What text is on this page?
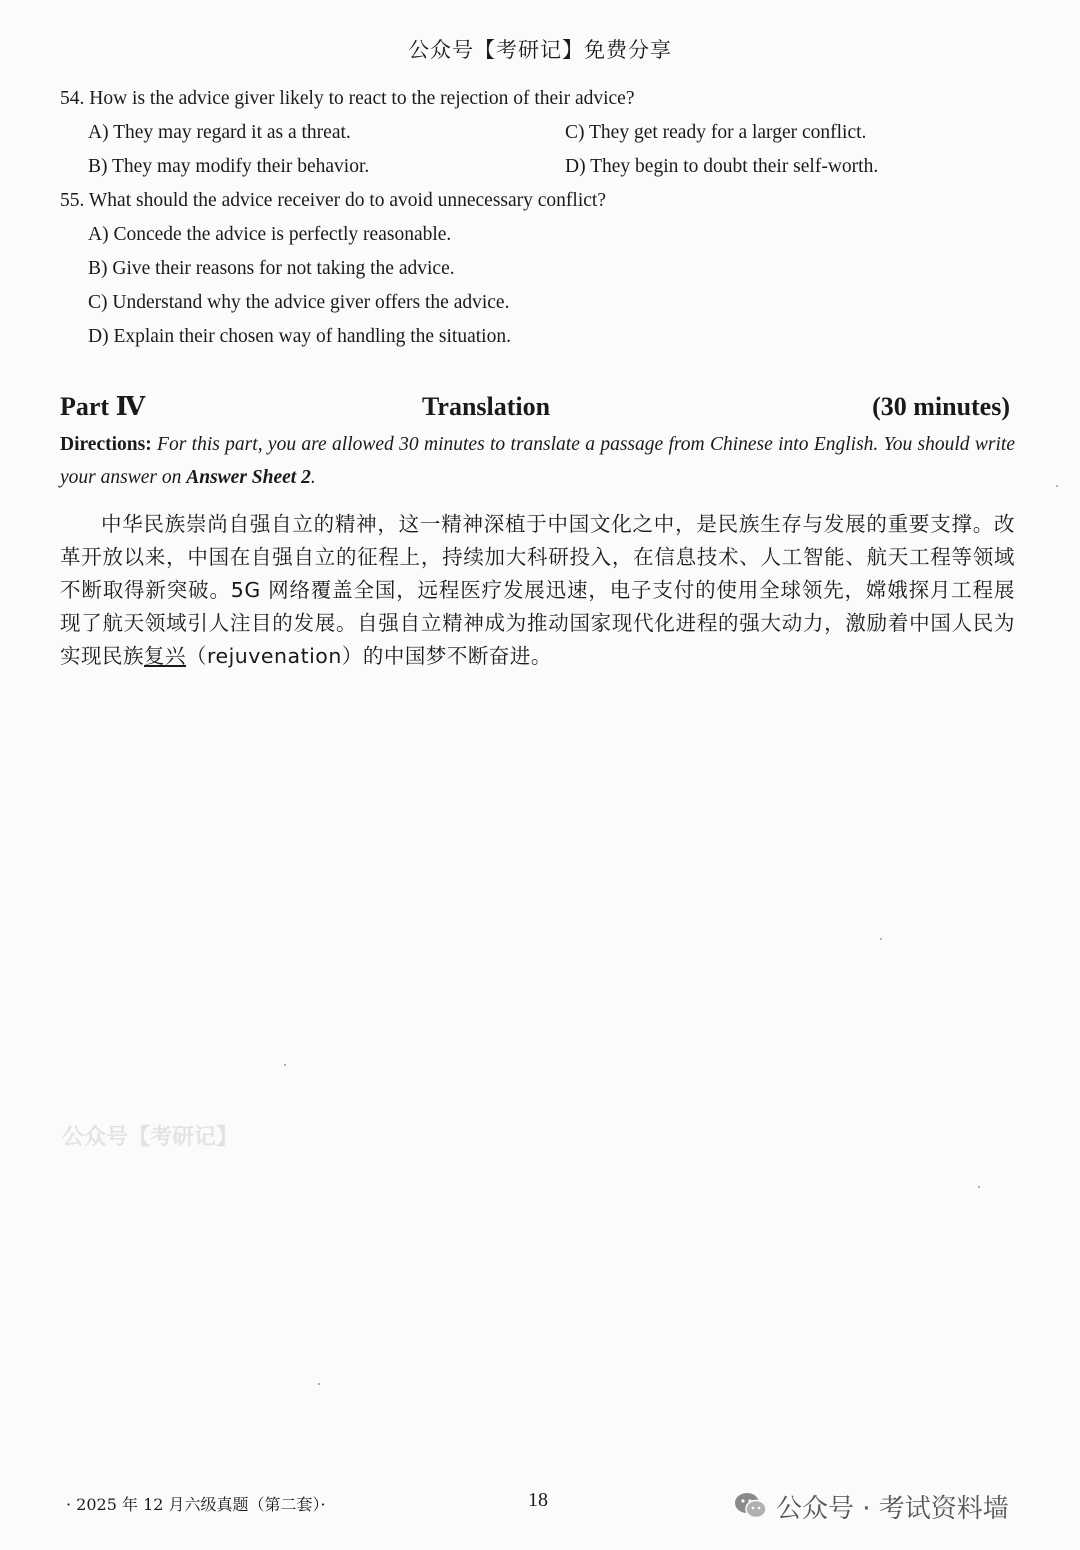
公众号【考研记】免费分享
54. How is the advice giver likely to react to the rejection of their advice?
A) They may regard it as a threat.	C) They get ready for a larger conflict.
B) They may modify their behavior.	D) They begin to doubt their self-worth.
55. What should the advice receiver do to avoid unnecessary conflict?
A) Concede the advice is perfectly reasonable.
B) Give their reasons for not taking the advice.
C) Understand why the advice giver offers the advice.
D) Explain their chosen way of handling the situation.
Part Ⅳ	Translation	(30 minutes)
Directions: For this part, you are allowed 30 minutes to translate a passage from Chinese into English. You should write your answer on Answer Sheet 2.
中华民族崇尚自强自立的精神，这一精神深植于中国文化之中，是民族生存与发展的重要支撑。改革开放以来，中国在自强自立的征程上，持续加大科研投入，在信息技术、人工智能、航天工程等领域不断取得新突破。5G 网络覆盖全国，远程医疗发展迅速，电子支付的使用全球领先，嫦娥探月工程展现了航天领域引人注目的发展。自强自立精神成为推动国家现代化进程的强大动力，激励着中国人民为实现民族复兴（rejuvenation）的中国梦不断奋进。
公众号【考研记】
· 2025 年 12 月六级真题（第二套）·	18	公众号 · 考试资料墙
